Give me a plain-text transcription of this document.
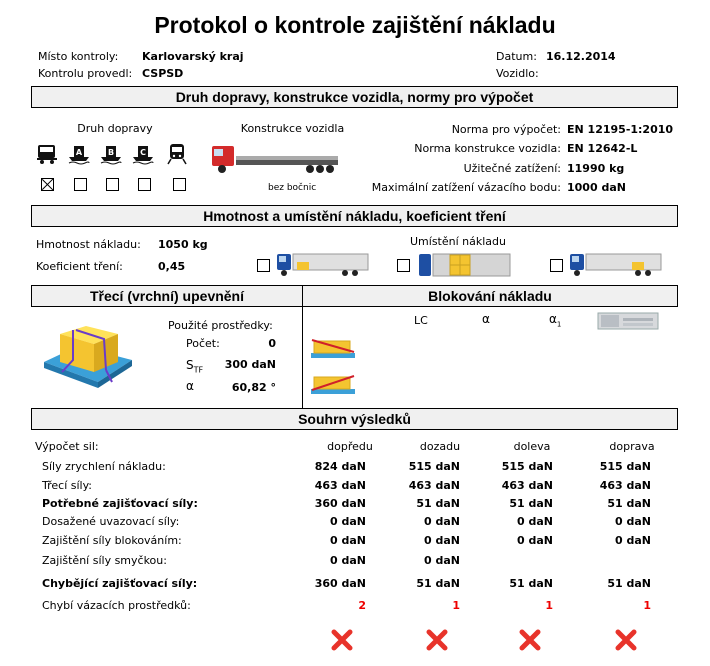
Protokol o kontrole zajištění nákladu
Místo kontroly: Karlovarský kraj
Kontrolu provedl: CSPSD
Datum: 16.12.2014
Vozidlo:
Druh dopravy, konstrukce vozidla, normy pro výpočet
Druh dopravy
A	B	C
Konstrukce vozidla
bez bočnic
Norma pro výpočet: EN 12195-1:2010
Norma konstrukce vozidla: EN 12642-L
Užitečné zatížení: 11990 kg
Maximální zatížení vázacího bodu: 1000 daN
Hmotnost a umístění nákladu, koeficient tření
Hmotnost nákladu: 1050 kg
Koeficient tření:	0,45
Umístění nákladu
Třecí (vrchní) upevnění	Blokování nákladu
Použité prostředky:
Počet:	0
$S_{TF}$	300 daN
α	60,82 °
LC	α	$\alpha_1$
Souhrn výsledků
Výpočet sil:	dopředu	dozadu	doleva	doprava
Síly zrychlení nákladu:	824 daN	515 daN	515 daN	515 daN
Třecí síly:	463 daN	463 daN	463 daN	463 daN
Potřebné zajišťovací síly:	360 daN	51 daN	51 daN	51 daN
Dosažené uvazovací síly:	0 daN	0 daN	0 daN	0 daN
Zajištění síly blokováním:	0 daN	0 daN	0 daN	0 daN
Zajištění síly smyčkou:	0 daN	0 daN
Chybějící zajišťovací síly:	360 daN	51 daN	51 daN	51 daN
Chybí vázacích prostředků:	2	1	1	1
